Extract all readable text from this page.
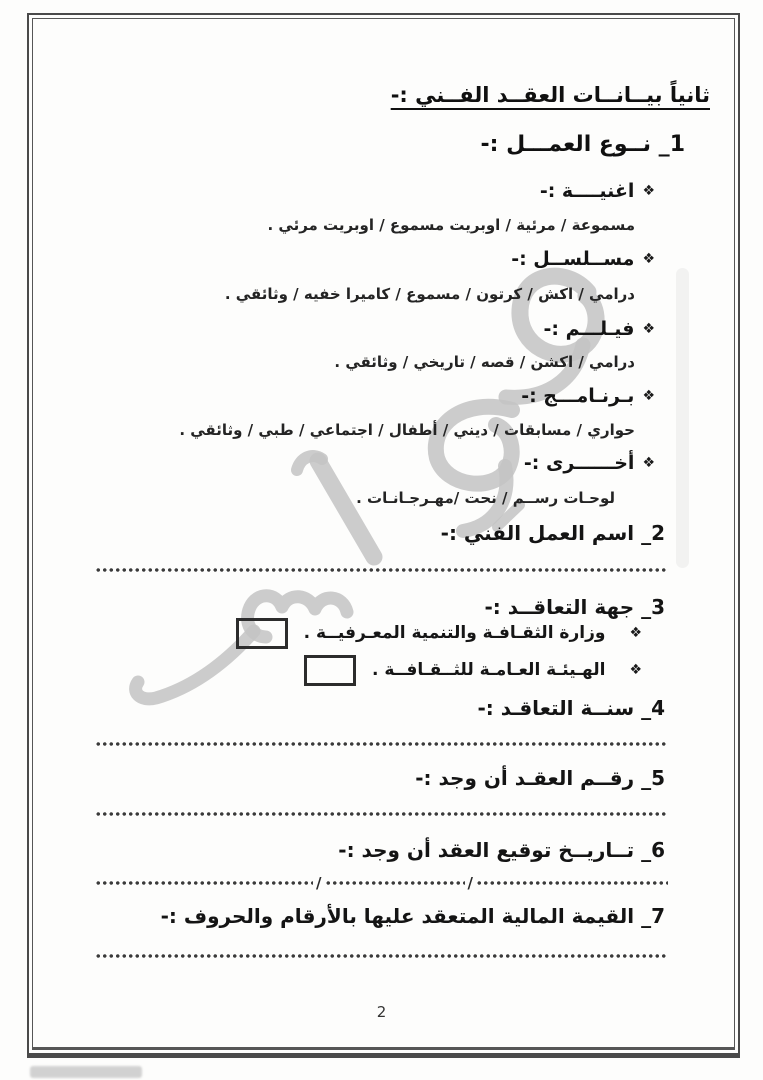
ثانياً بيــانــات العقــد الفــني :-
1_ نــوع العمـــل :-
❖اغنيــــة :-
مسموعة / مرئية / اوبريت مسموع / اوبريت مرئي .
❖مســلســل :-
درامي / اكش / كرتون / مسموع / كاميرا خفيه / وثائقي .
❖فيـلـــم :-
درامي / اكشن / قصه / تاريخي / وثائقي .
❖بـرنـامـــج :-
حواري / مسابقات / ديني / أطفال / اجتماعي / طبي / وثائقي .
❖أخــــــرى :-
لوحـات رســم / نحت /مهـرجـانـات .
2_ اسم العمل الفني :-
3_ جهة التعاقــد :-
❖
وزارة الثقـافـة والتنمية المعـرفيــة .
❖
الهـيئـة العـامـة للثــقـافــة .
4_ سنــة التعاقـد :-
5_ رقــم العقـد أن وجد :-
6_ تــاريــخ توقيع العقد أن وجد :-
/
/
7_ القيمة المالية المتعقد عليها بالأرقام والحروف :-
2
